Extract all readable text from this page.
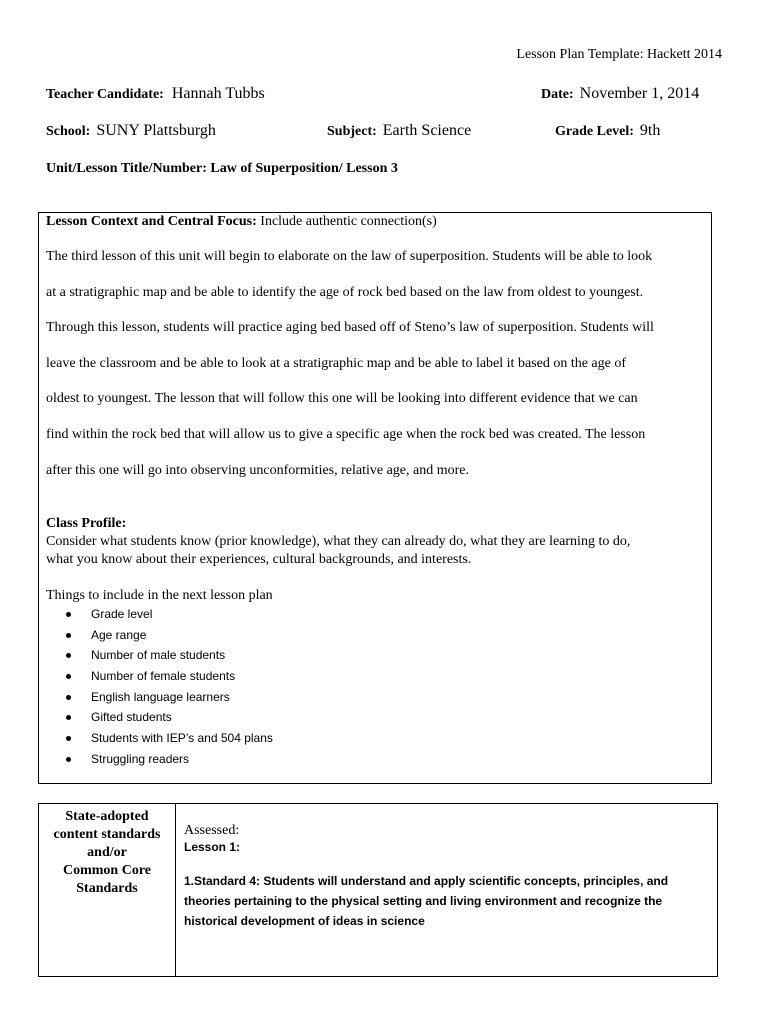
Lesson Plan Template: Hackett 2014
Teacher Candidate: Hannah Tubbs	Date: November 1, 2014
School: SUNY Plattsburgh	Subject: Earth Science	Grade Level: 9th
Unit/Lesson Title/Number: Law of Superposition/ Lesson 3
Lesson Context and Central Focus: Include authentic connection(s)
The third lesson of this unit will begin to elaborate on the law of superposition. Students will be able to look
at a stratigraphic map and be able to identify the age of rock bed based on the law from oldest to youngest.
Through this lesson, students will practice aging bed based off of Steno’s law of superposition. Students will
leave the classroom and be able to look at a stratigraphic map and be able to label it based on the age of
oldest to youngest. The lesson that will follow this one will be looking into different evidence that we can
find within the rock bed that will allow us to give a specific age when the rock bed was created. The lesson
after this one will go into observing unconformities, relative age, and more.
Class Profile:
Consider what students know (prior knowledge), what they can already do, what they are learning to do,
what you know about their experiences, cultural backgrounds, and interests.
Things to include in the next lesson plan
Grade level
Age range
Number of male students
Number of female students
English language learners
Gifted students
Students with IEP’s and 504 plans
Struggling readers
State-adopted
content standards
and/or
Common Core
Standards
Assessed:
Lesson 1:
1.Standard 4: Students will understand and apply scientific concepts, principles, and
theories pertaining to the physical setting and living environment and recognize the
historical development of ideas in science
